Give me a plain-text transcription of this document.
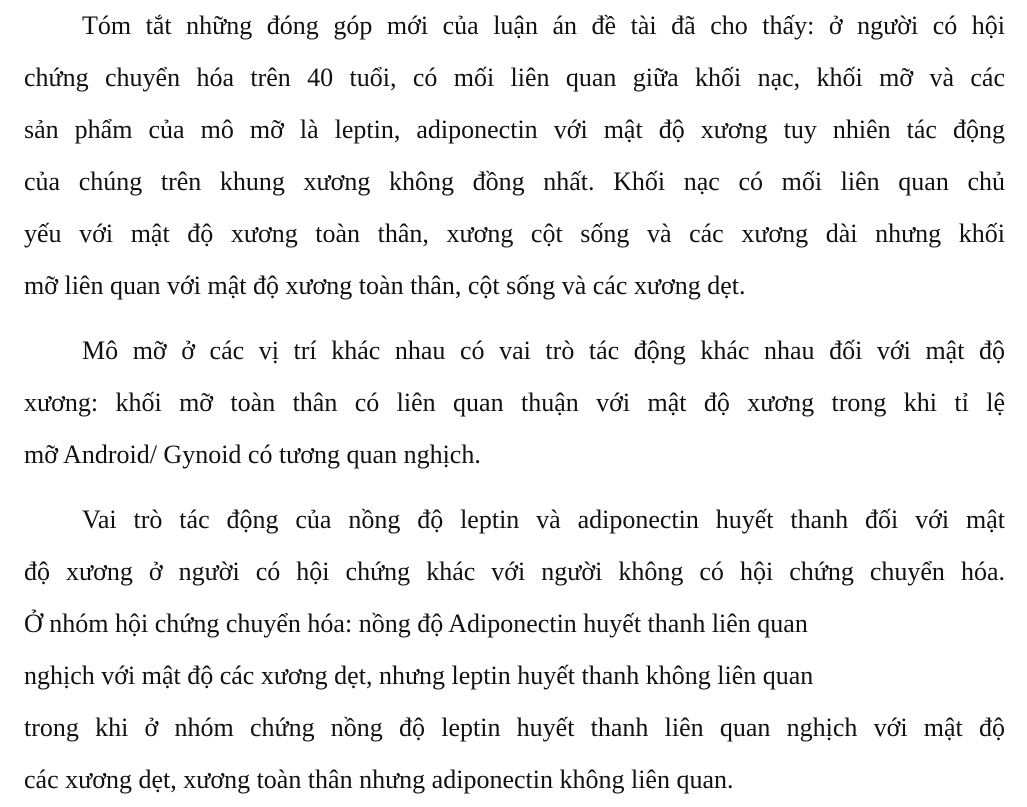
Tóm tắt những đóng góp mới của luận án đề tài đã cho thấy: ở người có hội
chứng chuyển hóa trên 40 tuổi, có mối liên quan giữa khối nạc, khối mỡ và các
sản phẩm của mô mỡ là leptin, adiponectin với mật độ xương tuy nhiên tác động
của chúng trên khung xương không đồng nhất. Khối nạc có mối liên quan chủ
yếu với mật độ xương toàn thân, xương cột sống và các xương dài nhưng khối
mỡ liên quan với mật độ xương toàn thân, cột sống và các xương dẹt.
Mô mỡ ở các vị trí khác nhau có vai trò tác động khác nhau đối với mật độ
xương: khối mỡ toàn thân có liên quan thuận với mật độ xương trong khi tỉ lệ
mỡ Android/ Gynoid có tương quan nghịch.
Vai trò tác động của nồng độ leptin và adiponectin huyết thanh đối với mật
độ xương ở người có hội chứng khác với người không có hội chứng chuyển hóa.
Ở nhóm hội chứng chuyển hóa: nồng độ Adiponectin huyết thanh liên quan
nghịch với mật độ các xương dẹt, nhưng leptin huyết thanh không liên quan
trong khi ở nhóm chứng nồng độ leptin huyết thanh liên quan nghịch với mật độ
các xương dẹt, xương toàn thân nhưng adiponectin không liên quan.
